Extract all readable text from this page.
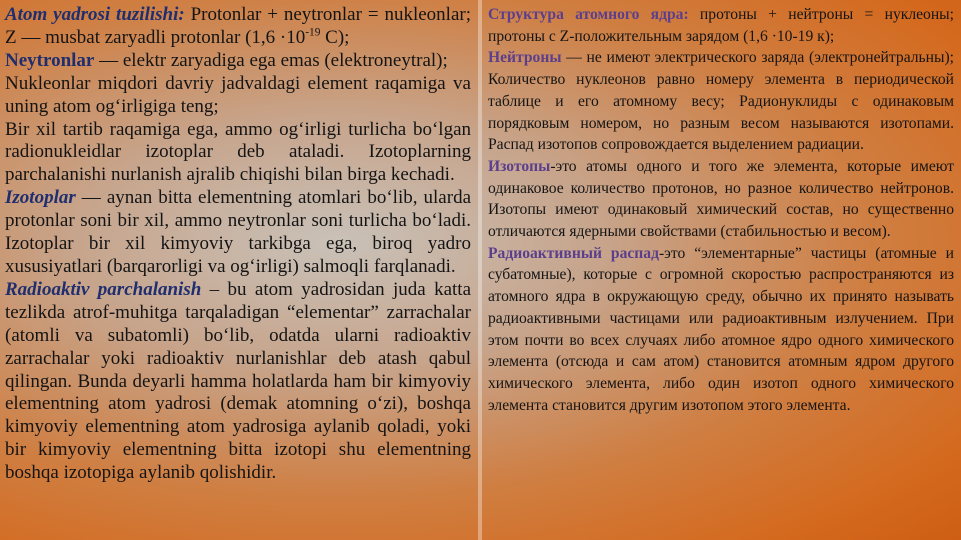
Atom yadrosi tuzilishi: Protonlar + neytronlar = nukleonlar; Z — musbat zaryadli protonlar ($1,6 \cdot 10^{-19}$ C);

Neytronlar — elektr zaryadiga ega emas (elektroneytral);

Nukleonlar miqdori davriy jadvaldagi element raqamiga va uning atom og‘irligiga teng;

Bir xil tartib raqamiga ega, ammo og‘irligi turlicha bo‘lgan radionukleidlar izotoplar deb ataladi. Izotoplarning parchalanishi nurlanish ajralib chiqishi bilan birga kechadi.

Izotoplar — aynan bitta elementning atomlari bo‘lib, ularda protonlar soni bir xil, ammo neytronlar soni turlicha bo‘ladi. Izotoplar bir xil kimyoviy tarkibga ega, biroq yadro xususiyatlari (barqarorligi va og‘irligi) salmoqli farqlanadi.

Radioaktiv parchalanish – bu atom yadrosidan juda katta tezlikda atrof-muhitga tarqaladigan “elementar” zarrachalar (atomli va subatomli) bo‘lib, odatda ularni radioaktiv zarrachalar yoki radioaktiv nurlanishlar deb atash qabul qilingan. Bunda deyarli hamma holatlarda ham bir kimyoviy elementning atom yadrosi (demak atomning o‘zi), boshqa kimyoviy elementning atom yadrosiga aylanib qoladi, yoki bir kimyoviy elementning bitta izotopi shu elementning boshqa izotopiga aylanib qolishidir.

Структура атомного ядра: протоны + нейтроны = нуклеоны; протоны с Z-положительным зарядом (1,6 ·10-19 к);

Нейтроны — не имеют электрического заряда (электронейтральны); Количество нуклеонов равно номеру элемента в периодической таблице и его атомному весу; Радионуклиды с одинаковым порядковым номером, но разным весом называются изотопами. Распад изотопов сопровождается выделением радиации.

Изотопы-это атомы одного и того же элемента, которые имеют одинаковое количество протонов, но разное количество нейтронов. Изотопы имеют одинаковый химический состав, но существенно отличаются ядерными свойствами (стабильностью и весом).

Радиоактивный распад-это “элементарные” частицы (атомные и субатомные), которые с огромной скоростью распространяются из атомного ядра в окружающую среду, обычно их принято называть радиоактивными частицами или радиоактивным излучением. При этом почти во всех случаях либо атомное ядро одного химического элемента (отсюда и сам атом) становится атомным ядром другого химического элемента, либо один изотоп одного химического элемента становится другим изотопом этого элемента.
